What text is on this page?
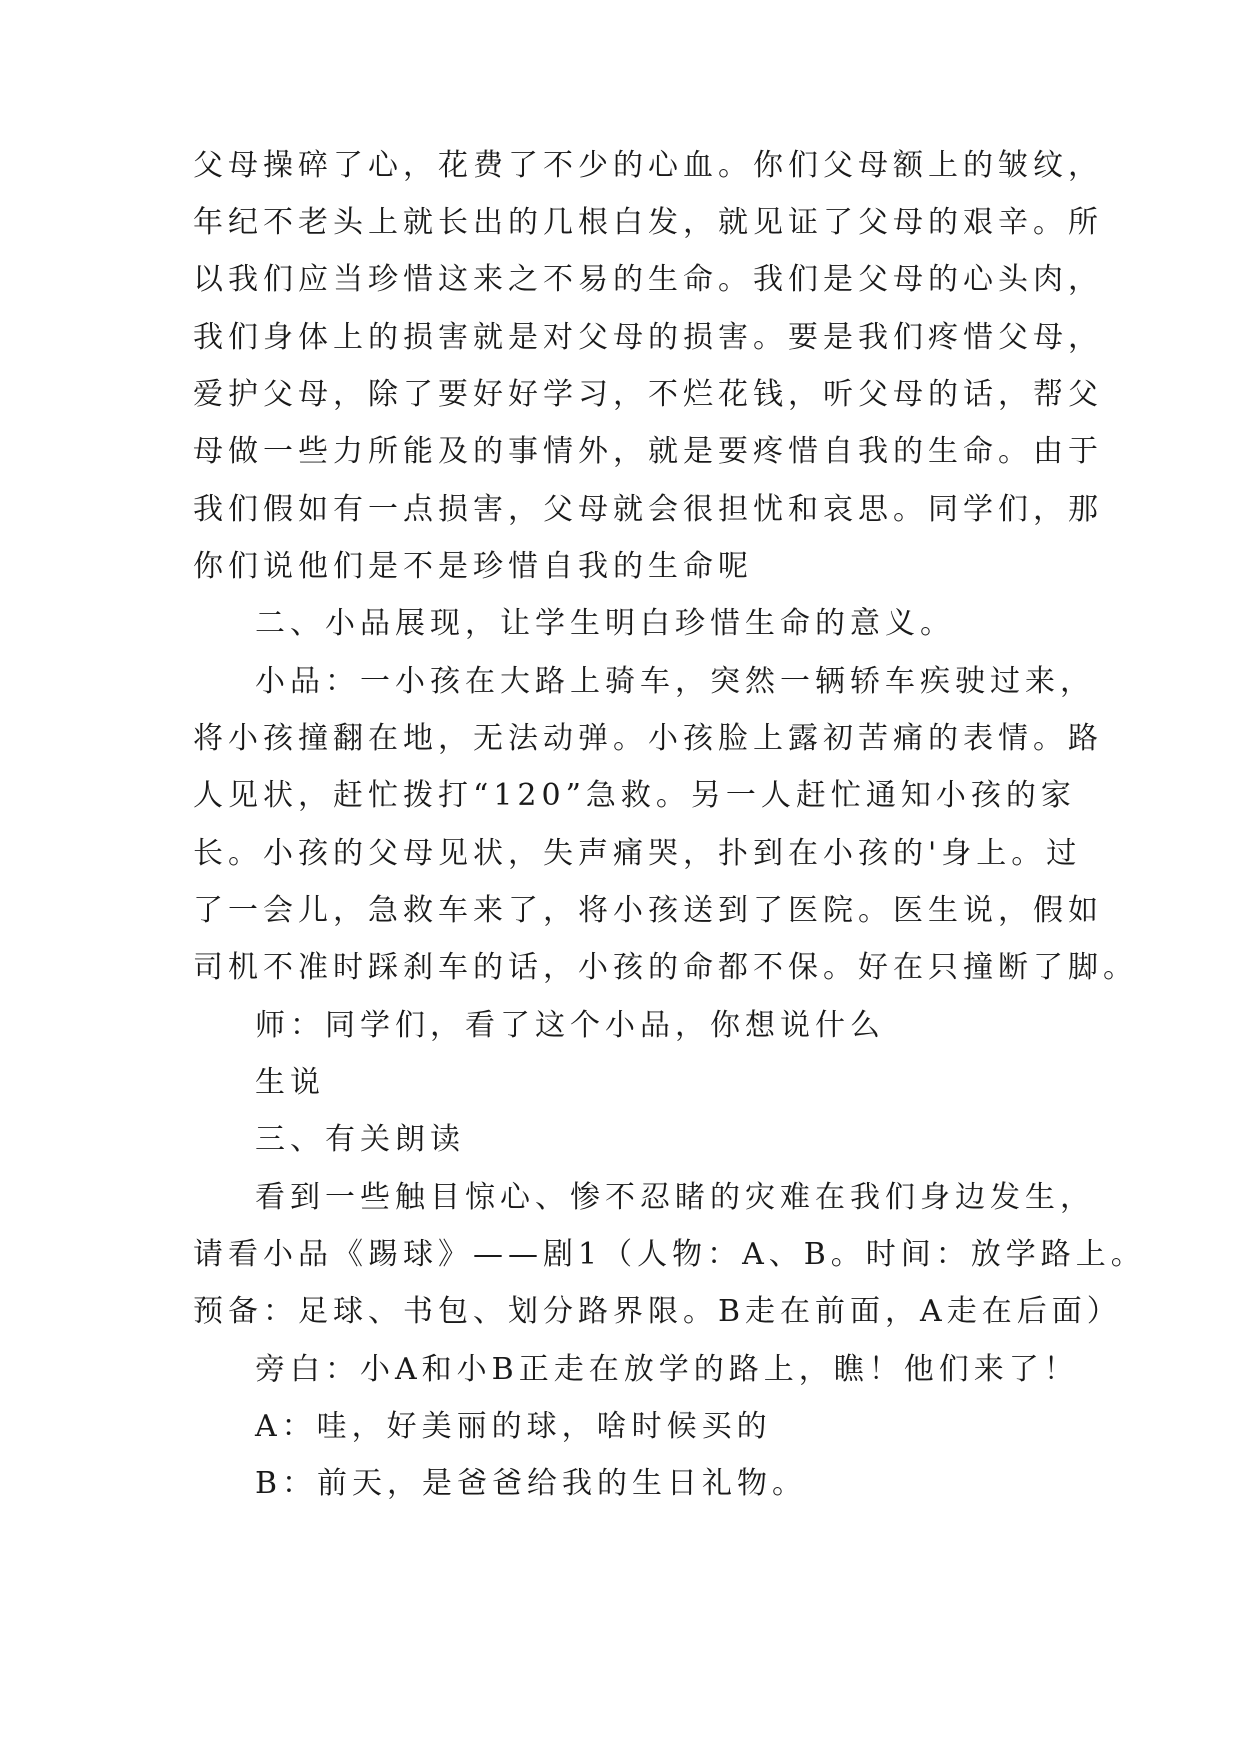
父母操碎了心，花费了不少的心血。你们父母额上的皱纹，
年纪不老头上就长出的几根白发，就见证了父母的艰辛。所
以我们应当珍惜这来之不易的生命。我们是父母的心头肉，
我们身体上的损害就是对父母的损害。要是我们疼惜父母，
爱护父母，除了要好好学习，不烂花钱，听父母的话，帮父
母做一些力所能及的事情外，就是要疼惜自我的生命。由于
我们假如有一点损害，父母就会很担忧和哀思。同学们，那
你们说他们是不是珍惜自我的生命呢
二、小品展现，让学生明白珍惜生命的意义。
小品：一小孩在大路上骑车，突然一辆轿车疾驶过来，
将小孩撞翻在地，无法动弹。小孩脸上露初苦痛的表情。路
人见状，赶忙拨打“120”急救。另一人赶忙通知小孩的家
长。小孩的父母见状，失声痛哭，扑到在小孩的'身上。过
了一会儿，急救车来了，将小孩送到了医院。医生说，假如
司机不准时踩刹车的话，小孩的命都不保。好在只撞断了脚。
师：同学们，看了这个小品，你想说什么
生说
三、有关朗读
看到一些触目惊心、惨不忍睹的灾难在我们身边发生，
请看小品《踢球》——剧1（人物：A、B。时间：放学路上。
预备：足球、书包、划分路界限。B走在前面，A走在后面）
旁白：小A和小B正走在放学的路上，瞧！他们来了！
A：哇，好美丽的球，啥时候买的
B：前天，是爸爸给我的生日礼物。
